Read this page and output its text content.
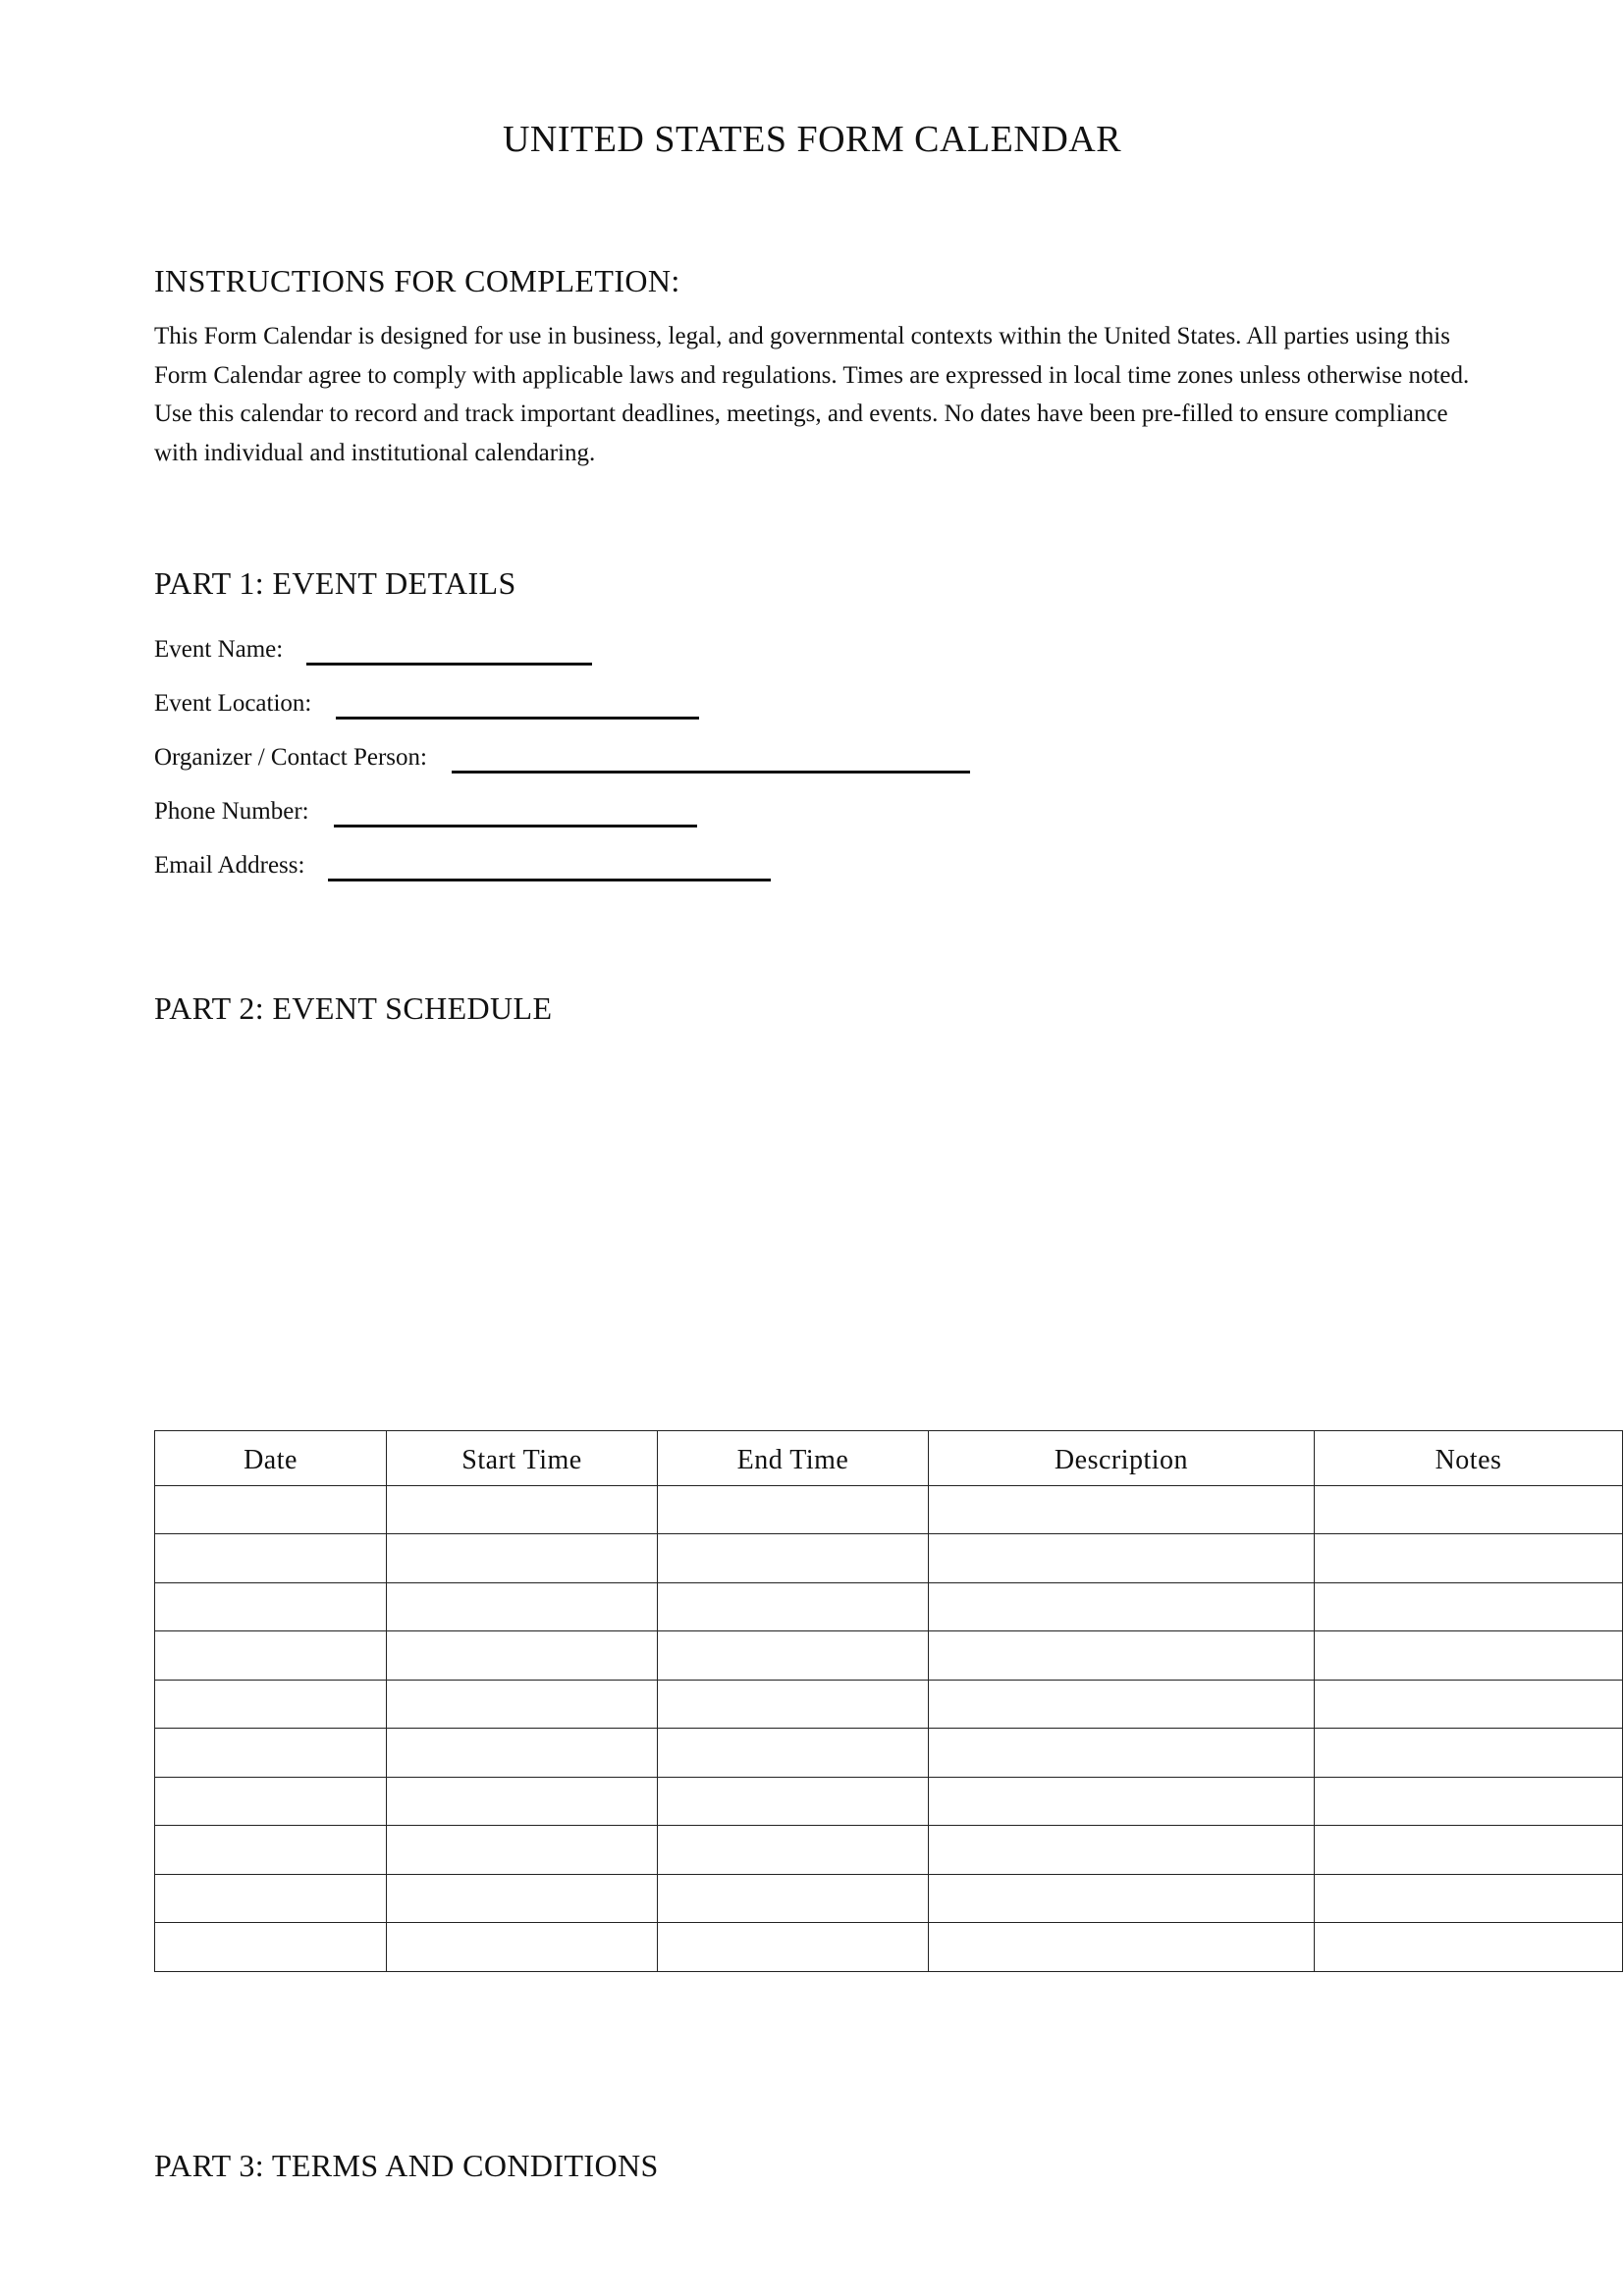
UNITED STATES FORM CALENDAR
INSTRUCTIONS FOR COMPLETION:

This Form Calendar is designed for use in business, legal, and governmental contexts within the United States. All parties using this Form Calendar agree to comply with applicable laws and regulations. Times are expressed in local time zones unless otherwise noted. Use this calendar to record and track important deadlines, meetings, and events. No dates have been pre-filled to ensure compliance with individual and institutional calendaring.

PART 1: EVENT DETAILS
Event Name:
Event Location:
Organizer / Contact Person:
Phone Number:
Email Address:
PART 2: EVENT SCHEDULE
Date	Start Time	End Time	Description	Notes

PART 3: TERMS AND CONDITIONS
